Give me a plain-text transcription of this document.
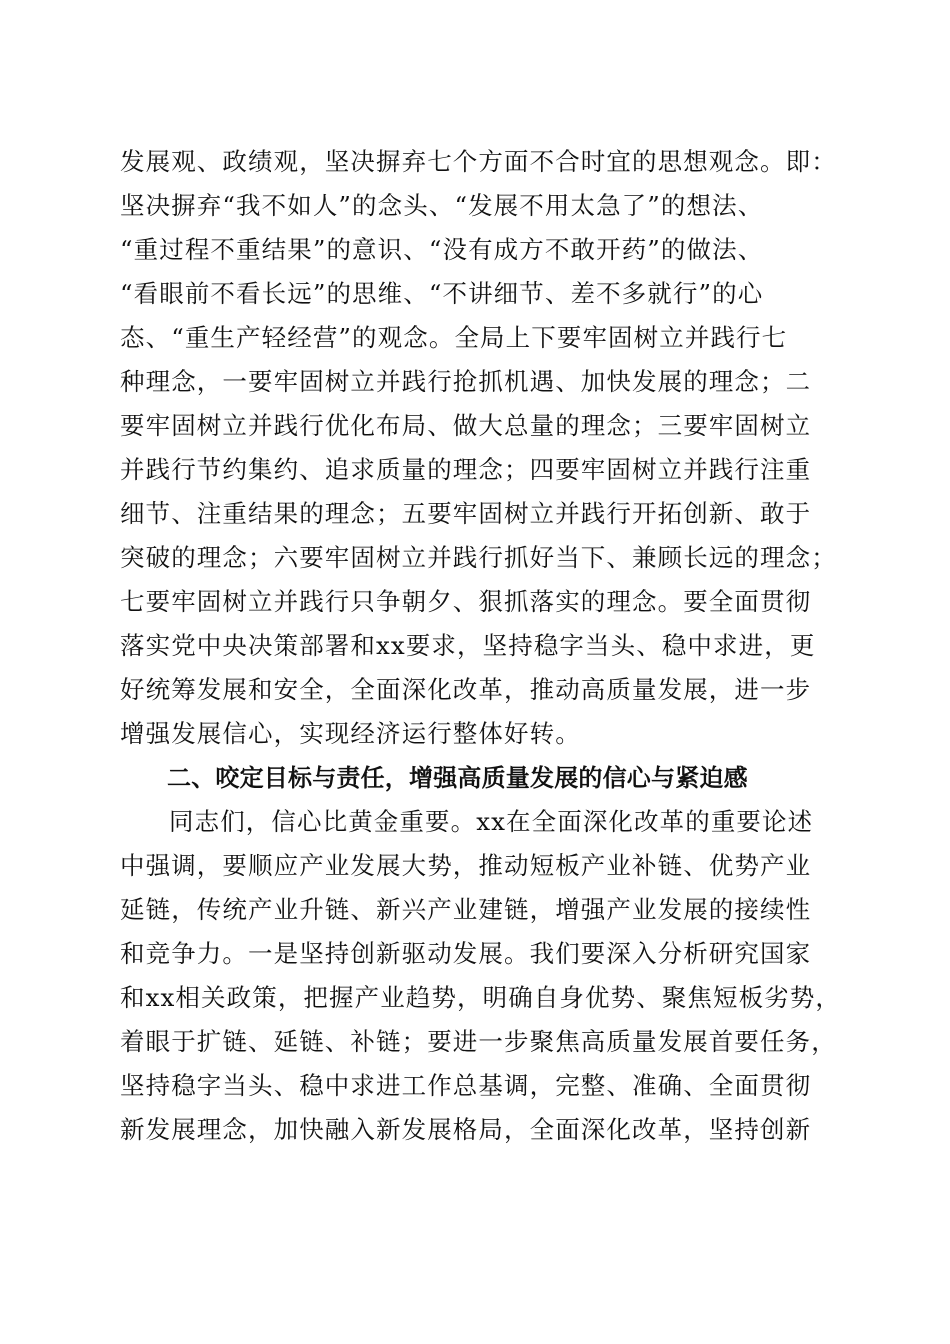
发展观、政绩观，坚决摒弃七个方面不合时宜的思想观念。即：
坚决摒弃“我不如人”的念头、“发展不用太急了”的想法、
“重过程不重结果”的意识、“没有成方不敢开药”的做法、
“看眼前不看长远”的思维、“不讲细节、差不多就行”的心
态、“重生产轻经营”的观念。全局上下要牢固树立并践行七
种理念，一要牢固树立并践行抢抓机遇、加快发展的理念；二
要牢固树立并践行优化布局、做大总量的理念；三要牢固树立
并践行节约集约、追求质量的理念；四要牢固树立并践行注重
细节、注重结果的理念；五要牢固树立并践行开拓创新、敢于
突破的理念；六要牢固树立并践行抓好当下、兼顾长远的理念；
七要牢固树立并践行只争朝夕、狠抓落实的理念。要全面贯彻
落实党中央决策部署和xx要求，坚持稳字当头、稳中求进，更
好统筹发展和安全，全面深化改革，推动高质量发展，进一步
增强发展信心，实现经济运行整体好转。
二、咬定目标与责任，增强高质量发展的信心与紧迫感
同志们，信心比黄金重要。xx在全面深化改革的重要论述
中强调，要顺应产业发展大势，推动短板产业补链、优势产业
延链，传统产业升链、新兴产业建链，增强产业发展的接续性
和竞争力。一是坚持创新驱动发展。我们要深入分析研究国家
和xx相关政策，把握产业趋势，明确自身优势、聚焦短板劣势，
着眼于扩链、延链、补链；要进一步聚焦高质量发展首要任务，
坚持稳字当头、稳中求进工作总基调，完整、准确、全面贯彻
新发展理念，加快融入新发展格局，全面深化改革，坚持创新
